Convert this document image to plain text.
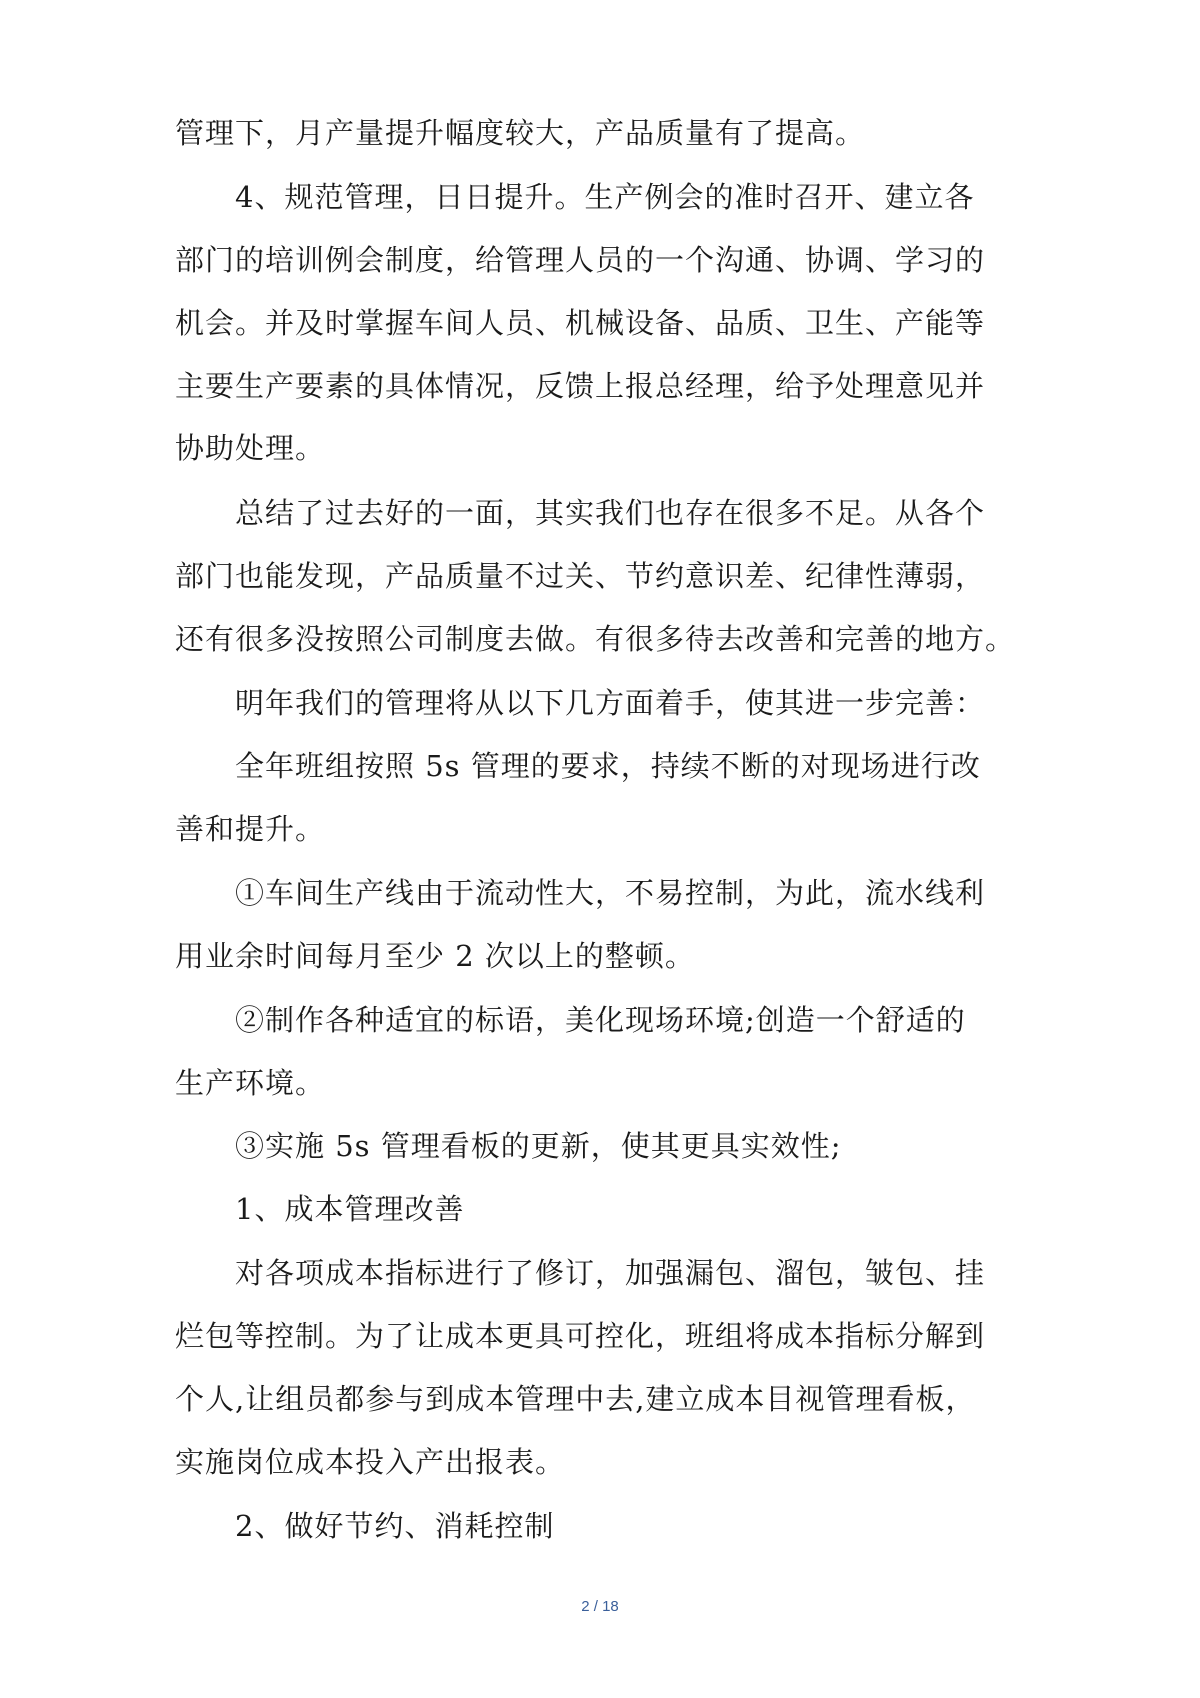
管理下，月产量提升幅度较大，产品质量有了提高。
　　4、规范管理，日日提升。生产例会的准时召开、建立各
部门的培训例会制度，给管理人员的一个沟通、协调、学习的
机会。并及时掌握车间人员、机械设备、品质、卫生、产能等
主要生产要素的具体情况，反馈上报总经理，给予处理意见并
协助处理。
　　总结了过去好的一面，其实我们也存在很多不足。从各个
部门也能发现，产品质量不过关、节约意识差、纪律性薄弱，
还有很多没按照公司制度去做。有很多待去改善和完善的地方。
　　明年我们的管理将从以下几方面着手，使其进一步完善：
　　全年班组按照 5s 管理的要求，持续不断的对现场进行改
善和提升。
　　①车间生产线由于流动性大，不易控制，为此，流水线利
用业余时间每月至少 2 次以上的整顿。
　　②制作各种适宜的标语，美化现场环境;创造一个舒适的
生产环境。
　　③实施 5s 管理看板的更新，使其更具实效性;
　　1、成本管理改善
　　对各项成本指标进行了修订，加强漏包、溜包，皱包、挂
烂包等控制。为了让成本更具可控化，班组将成本指标分解到
个人,让组员都参与到成本管理中去,建立成本目视管理看板，
实施岗位成本投入产出报表。
　　2、做好节约、消耗控制
2 / 18
